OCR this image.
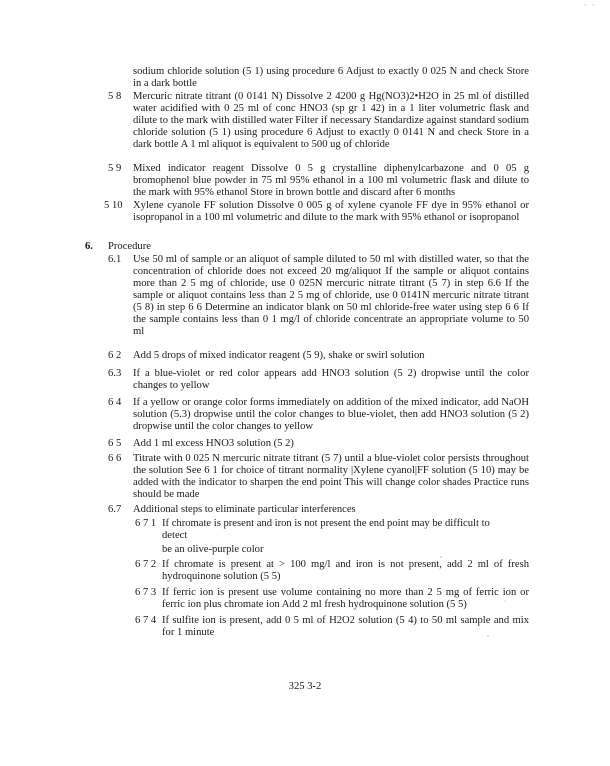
- -
sodium chloride solution (5 1) using procedure 6 Adjust to exactly 0 025 N and check Store in a dark bottle
5 8 Mercuric nitrate titrant (0 0141 N) Dissolve 2 4200 g Hg(NO3)2•H2O in 25 ml of distilled water acidified with 0 25 ml of conc HNO3 (sp gr 1 42) in a 1 liter volumetric flask and dilute to the mark with distilled water Filter if necessary Standardize against standard sodium chloride solution (5 1) using procedure 6 Adjust to exactly 0 0141 N and check Store in a dark bottle A 1 ml aliquot is equivalent to 500 ug of chloride
5 9 Mixed indicator reagent Dissolve 0 5 g crystalline diphenylcarbazone and 0 05 g bromophenol blue powder in 75 ml 95% ethanol in a 100 ml volumetric flask and dilute to the mark with 95% ethanol Store in brown bottle and discard after 6 months
5 10 Xylene cyanole FF solution Dissolve 0 005 g of xylene cyanole FF dye in 95% ethanol or isopropanol in a 100 ml volumetric and dilute to the mark with 95% ethanol or isopropanol
6. Procedure
6.1 Use 50 ml of sample or an aliquot of sample diluted to 50 ml with distilled water, so that the concentration of chloride does not exceed 20 mg/aliquot If the sample or aliquot contains more than 2 5 mg of chloride, use 0 025N mercuric nitrate titrant (5 7) in step 6.6 If the sample or aliquot contains less than 2 5 mg of chloride, use 0 0141N mercuric nitrate titrant (5 8) in step 6 6 Determine an indicator blank on 50 ml chloride-free water using step 6 6 If the sample contains less than 0 1 mg/l of chloride concentrate an appropriate volume to 50 ml
6 2 Add 5 drops of mixed indicator reagent (5 9), shake or swirl solution
6.3 If a blue-violet or red color appears add HNO3 solution (5 2) dropwise until the color changes to yellow
6 4 If a yellow or orange color forms immediately on addition of the mixed indicator, add NaOH solution (5.3) dropwise until the color changes to blue-violet, then add HNO3 solution (5 2) dropwise until the color changes to yellow
6 5 Add 1 ml excess HNO3 solution (5 2)
6 6 Titrate with 0 025 N mercuric nitrate titrant (5 7) until a blue-violet color persists throughout the solution See 6 1 for choice of titrant normality |Xylene cyanol|FF solution (5 10) may be added with the indicator to sharpen the end point This will change color shades Practice runs should be made
6.7 Additional steps to eliminate particular interferences
6 7 1 If chromate is present and iron is not present the end point may be difficult to
detect
be an olive-purple color
6 7 2 If chromate is present at > 100 mg/l and iron is not present, add 2 ml of fresh hydroquinone solution (5 5)
6 7 3 If ferric ion is present use volume containing no more than 2 5 mg of ferric ion or ferric ion plus chromate ion Add 2 ml fresh hydroquinone solution (5 5)
6 7 4 If sulfite ion is present, add 0 5 ml of H2O2 solution (5 4) to 50 ml sample and mix for 1 minute
325 3-2
